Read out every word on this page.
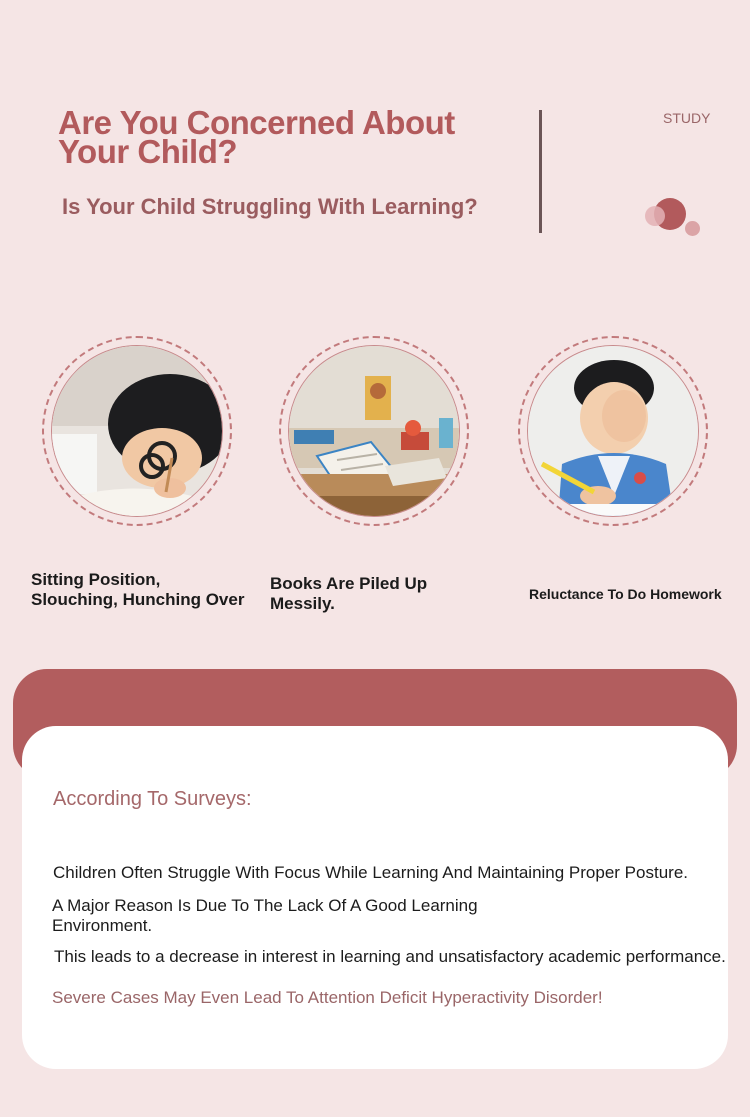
Are You Concerned About Your Child?
Is Your Child Struggling With Learning?
STUDY
Sitting Position, Slouching, Hunching Over
Books Are Piled Up Messily.	Reluctance To Do Homework
According To Surveys:
Children Often Struggle With Focus While Learning And Maintaining Proper Posture.
A Major Reason Is Due To The Lack Of A Good Learning Environment.
This leads to a decrease in interest in learning and unsatisfactory academic performance.
Severe Cases May Even Lead To Attention Deficit Hyperactivity Disorder!
